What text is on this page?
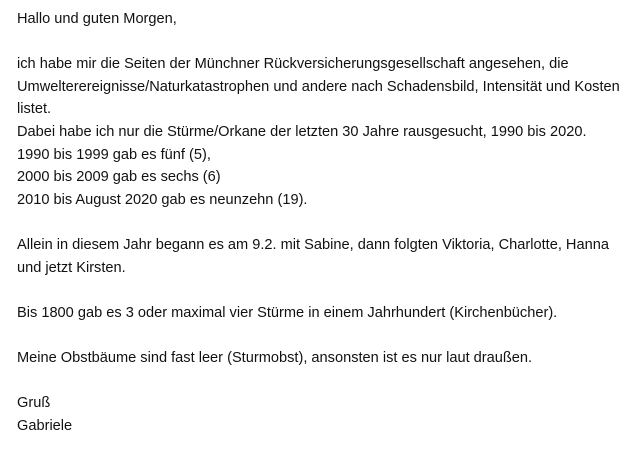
Hallo und guten Morgen,
ich habe mir die Seiten der Münchner Rückversicherungsgesellschaft angesehen, die
Umwelterereignisse/Naturkatastrophen und andere nach Schadensbild, Intensität und Kosten
listet.
Dabei habe ich nur die Stürme/Orkane der letzten 30 Jahre rausgesucht, 1990 bis 2020.
1990 bis 1999 gab es fünf (5),
2000 bis 2009 gab es sechs (6)
2010 bis August 2020 gab es neunzehn (19).
Allein in diesem Jahr begann es am 9.2. mit Sabine, dann folgten Viktoria, Charlotte, Hanna
und jetzt Kirsten.
Bis 1800 gab es 3 oder maximal vier Stürme in einem Jahrhundert (Kirchenbücher).
Meine Obstbäume sind fast leer (Sturmobst), ansonsten ist es nur laut draußen.
Gruß
Gabriele
